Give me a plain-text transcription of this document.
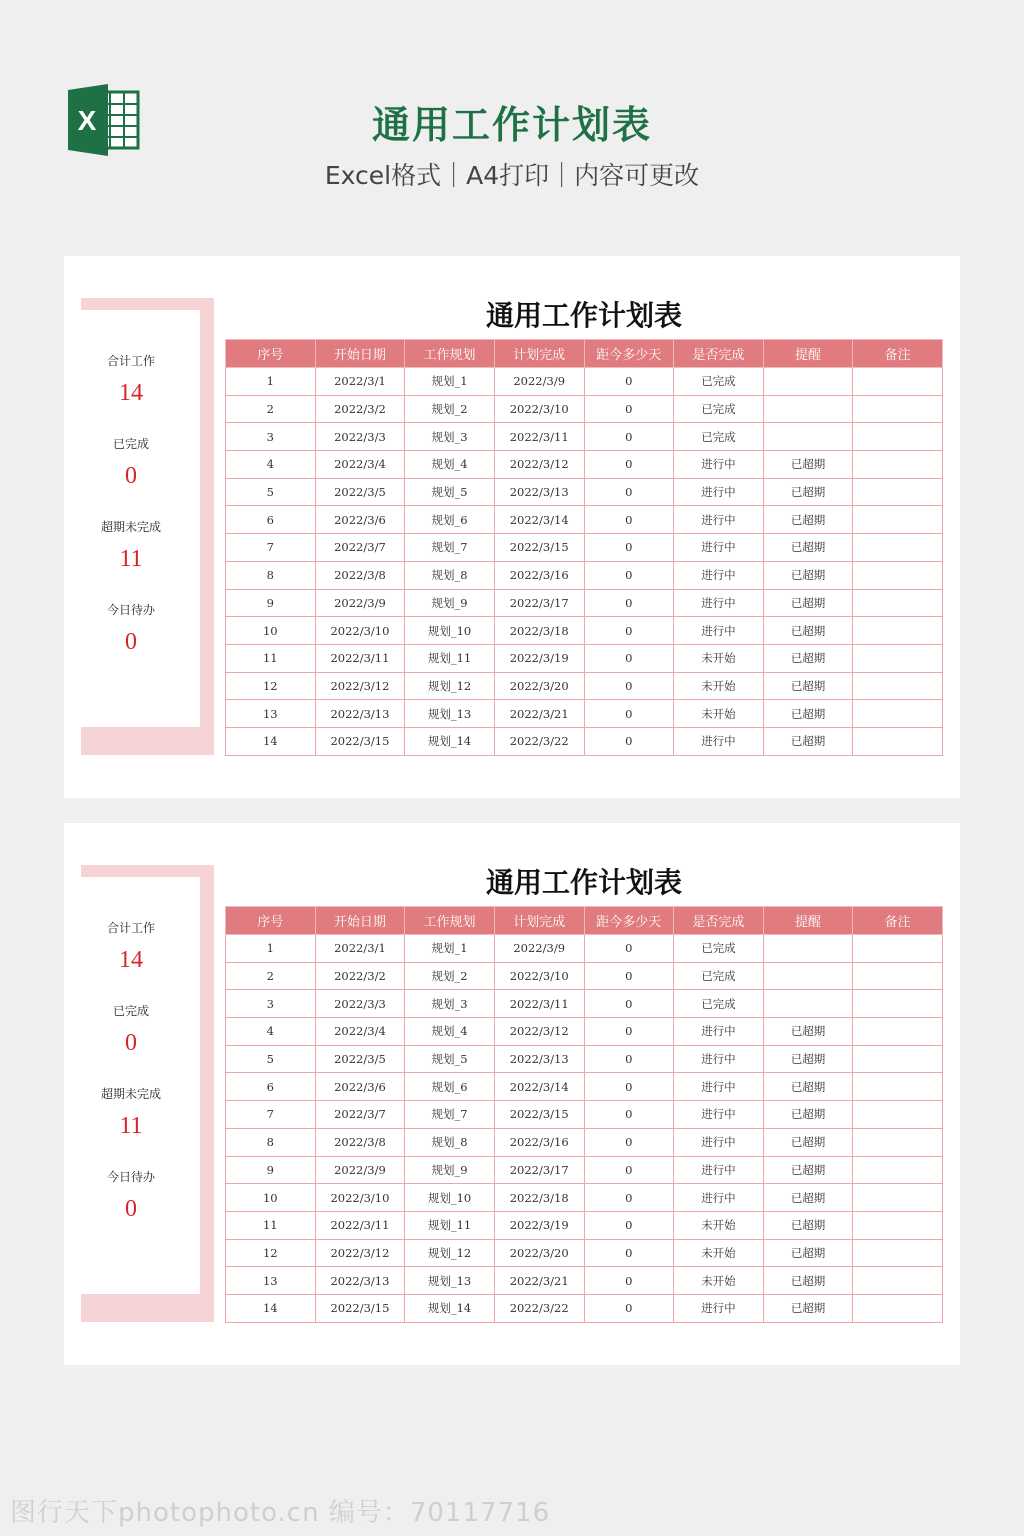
X	通用工作计划表
Excel格式｜A4打印｜内容可更改
合计工作
14
已完成
0
超期未完成
11
今日待办
0
通用工作计划表
序号	开始日期	工作规划	计划完成	距今多少天	是否完成	提醒	备注
1	2022/3/1	规划_1	2022/3/9	0	已完成		
2	2022/3/2	规划_2	2022/3/10	0	已完成		
3	2022/3/3	规划_3	2022/3/11	0	已完成		
4	2022/3/4	规划_4	2022/3/12	0	进行中	已超期	
5	2022/3/5	规划_5	2022/3/13	0	进行中	已超期	
6	2022/3/6	规划_6	2022/3/14	0	进行中	已超期	
7	2022/3/7	规划_7	2022/3/15	0	进行中	已超期	
8	2022/3/8	规划_8	2022/3/16	0	进行中	已超期	
9	2022/3/9	规划_9	2022/3/17	0	进行中	已超期	
10	2022/3/10	规划_10	2022/3/18	0	进行中	已超期	
11	2022/3/11	规划_11	2022/3/19	0	未开始	已超期	
12	2022/3/12	规划_12	2022/3/20	0	未开始	已超期	
13	2022/3/13	规划_13	2022/3/21	0	未开始	已超期	
14	2022/3/15	规划_14	2022/3/22	0	进行中	已超期	
合计工作
14
已完成
0
超期未完成
11
今日待办
0
通用工作计划表
序号	开始日期	工作规划	计划完成	距今多少天	是否完成	提醒	备注
1	2022/3/1	规划_1	2022/3/9	0	已完成		
2	2022/3/2	规划_2	2022/3/10	0	已完成		
3	2022/3/3	规划_3	2022/3/11	0	已完成		
4	2022/3/4	规划_4	2022/3/12	0	进行中	已超期	
5	2022/3/5	规划_5	2022/3/13	0	进行中	已超期	
6	2022/3/6	规划_6	2022/3/14	0	进行中	已超期	
7	2022/3/7	规划_7	2022/3/15	0	进行中	已超期	
8	2022/3/8	规划_8	2022/3/16	0	进行中	已超期	
9	2022/3/9	规划_9	2022/3/17	0	进行中	已超期	
10	2022/3/10	规划_10	2022/3/18	0	进行中	已超期	
11	2022/3/11	规划_11	2022/3/19	0	未开始	已超期	
12	2022/3/12	规划_12	2022/3/20	0	未开始	已超期	
13	2022/3/13	规划_13	2022/3/21	0	未开始	已超期	
14	2022/3/15	规划_14	2022/3/22	0	进行中	已超期	
图行天下photophoto.cn 编号：70117716
